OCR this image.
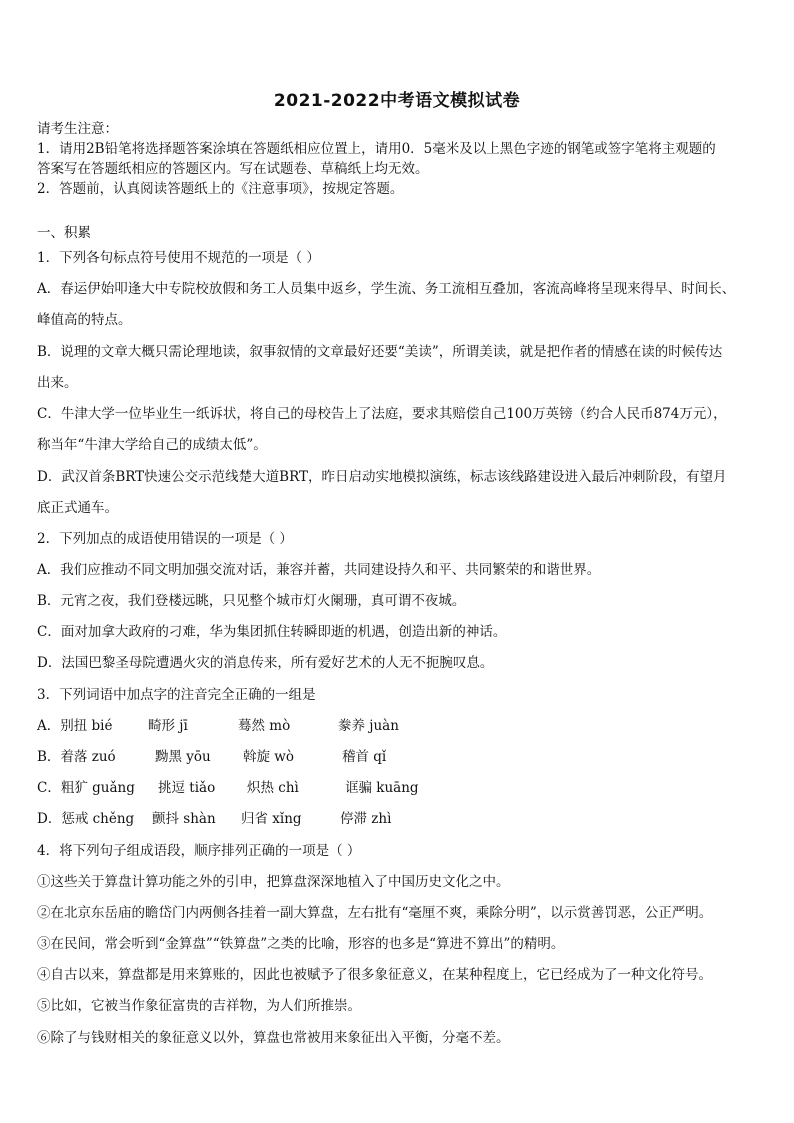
2021-2022中考语文模拟试卷
请考生注意：
1．请用2B铅笔将选择题答案涂填在答题纸相应位置上，请用0．5毫米及以上黑色字迹的钢笔或签字笔将主观题的
答案写在答题纸相应的答题区内。写在试题卷、草稿纸上均无效。
2．答题前，认真阅读答题纸上的《注意事项》，按规定答题。
一、积累
1．下列各句标点符号使用不规范的一项是（ ）
A．春运伊始叩逢大中专院校放假和务工人员集中返乡，学生流、务工流相互叠加，客流高峰将呈现来得早、时间长、
峰值高的特点。
B．说理的文章大概只需论理地读，叙事叙情的文章最好还要“美读”，所谓美读，就是把作者的情感在读的时候传达
出来。
C．牛津大学一位毕业生一纸诉状，将自己的母校告上了法庭，要求其赔偿自己100万英镑（约合人民币874万元），
称当年“牛津大学给自己的成绩太低”。
D．武汉首条BRT快速公交示范线楚大道BRT，昨日启动实地模拟演练，标志该线路建设进入最后冲刺阶段，有望月
底正式通车。
2．下列加点的成语使用错误的一项是（ ）
A．我们应推动不同文明加强交流对话，兼容并蓄，共同建设持久和平、共同繁荣的和谐世界。
B．元宵之夜，我们登楼远眺，只见整个城市灯火阑珊，真可谓不夜城。
C．面对加拿大政府的刁难，华为集团抓住转瞬即逝的机遇，创造出新的神话。
D．法国巴黎圣母院遭遇火灾的消息传来，所有爱好艺术的人无不扼腕叹息。
3．下列词语中加点字的注音完全正确的一组是
A．别扭 bié	畸形 jī	蓦然 mò	豢养 juàn
B．着落 zuó	黝黑 yōu 斡旋 wò	稽首 qǐ
C．粗犷 guǎng 挑逗 tiǎo 炽热 chì	诓骗 kuāng
D．惩戒 chěng 颤抖 shàn 归省 xǐng	停滞 zhì
4．将下列句子组成语段，顺序排列正确的一项是（ ）
①这些关于算盘计算功能之外的引申，把算盘深深地植入了中国历史文化之中。
②在北京东岳庙的瞻岱门内两侧各挂着一副大算盘，左右批有“毫厘不爽，乘除分明”，以示赏善罚恶，公正严明。
③在民间，常会听到“金算盘”“铁算盘”之类的比喻，形容的也多是“算进不算出”的精明。
④自古以来，算盘都是用来算账的，因此也被赋予了很多象征意义，在某种程度上，它已经成为了一种文化符号。
⑤比如，它被当作象征富贵的吉祥物，为人们所推崇。
⑥除了与钱财相关的象征意义以外，算盘也常被用来象征出入平衡，分毫不差。
